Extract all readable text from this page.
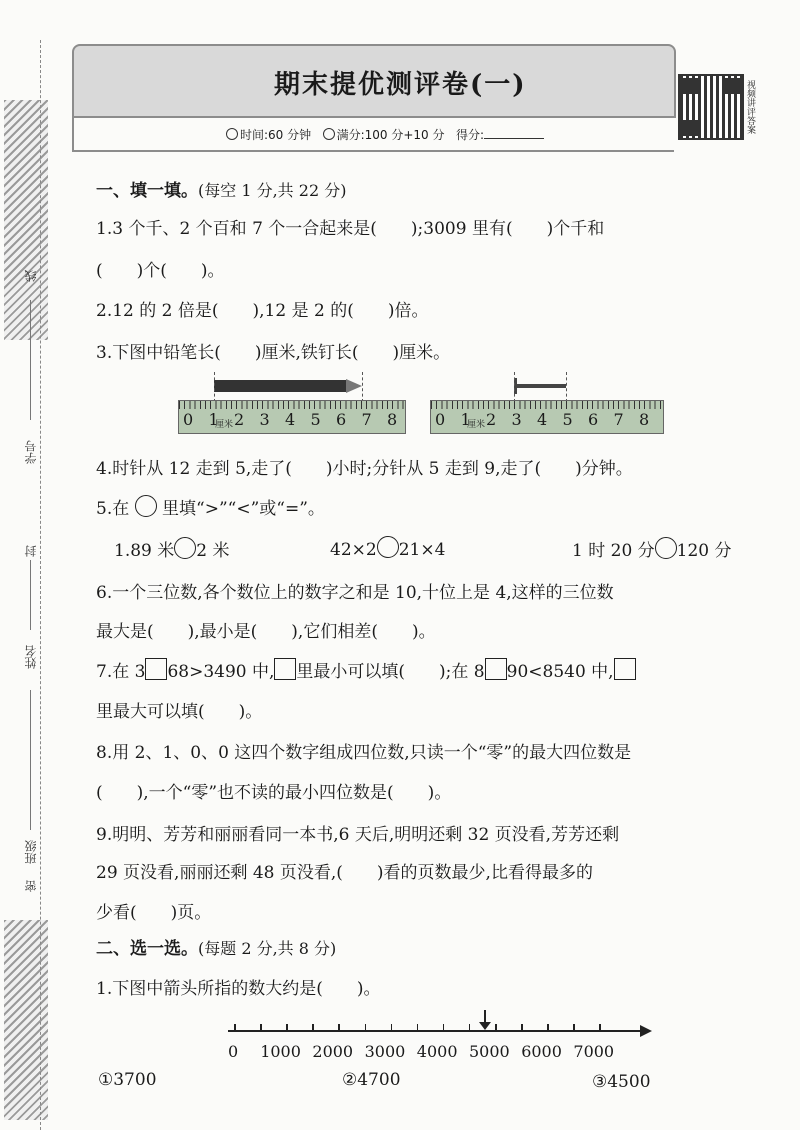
线
学号
封
姓名
班级
密
期末提优测评卷(一)
时间:60 分钟 满分:100 分+10 分 得分:
视频讲评答案
一、填一填。(每空 1 分,共 22 分)
1.3 个千、2 个百和 7 个一合起来是(　　);3009 里有(　　)个千和
(　　)个(　　)。
2.12 的 2 倍是(　　),12 是 2 的(　　)倍。
3.下图中铅笔长(　　)厘米,铁钉长(　　)厘米。
0 1 2 3 4 5 6 7 8
厘米	0 1 2 3 4 5 6 7 8
厘米
4.时针从 12 走到 5,走了(　　)小时;分针从 5 走到 9,走了(　　)分钟。
5.在 里填“>”“<”或“=”。
1.89 米 2 米	42×2 21×4	1 时 20 分 120 分
6.一个三位数,各个数位上的数字之和是 10,十位上是 4,这样的三位数
最大是(　　),最小是(　　),它们相差(　　)。
7.在 3 68>3490 中, 里最小可以填(　　);在 8 90<8540 中,
里最大可以填(　　)。
8.用 2、1、0、0 这四个数字组成四位数,只读一个“零”的最大四位数是
(　　),一个“零”也不读的最小四位数是(　　)。
9.明明、芳芳和丽丽看同一本书,6 天后,明明还剩 32 页没看,芳芳还剩
29 页没看,丽丽还剩 48 页没看,(　　)看的页数最少,比看得最多的
少看(　　)页。
二、选一选。(每题 2 分,共 8 分)
1.下图中箭头所指的数大约是(　　)。
0 1000 2000 3000 4000 5000 6000 7000
①3700	②4700	③4500
